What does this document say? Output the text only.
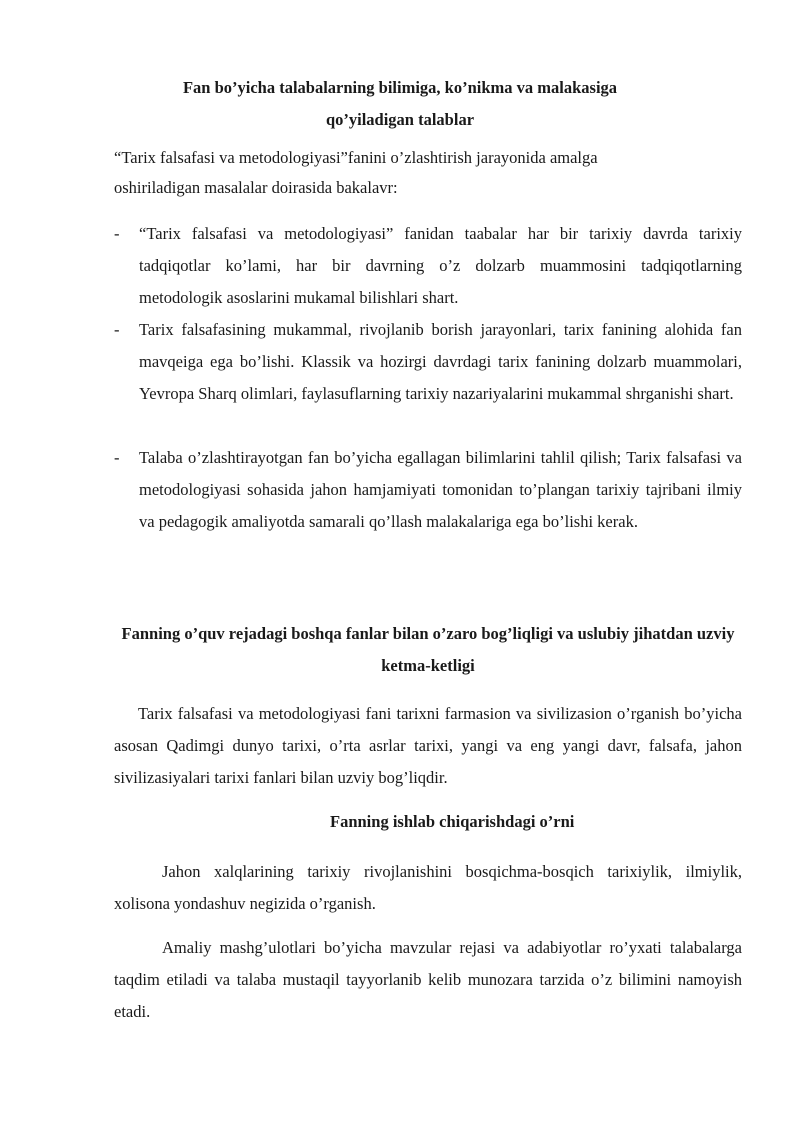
Fan bo’yicha talabalarning bilimiga, ko’nikma va malakasiga

qo’yiladigan talablar

“Tarix falsafasi va metodologiyasi”fanini o’zlashtirish jarayonida amalga oshiriladigan masalalar doirasida bakalavr:

- “Tarix falsafasi va metodologiyasi” fanidan taabalar har bir tarixiy davrda tarixiy tadqiqotlar ko’lami, har bir davrning o’z dolzarb muammosini tadqiqotlarning metodologik asoslarini mukamal bilishlari shart.
- Tarix falsafasining mukammal, rivojlanib borish jarayonlari, tarix fanining alohida fan mavqeiga ega bo’lishi. Klassik va hozirgi davrdagi tarix fanining dolzarb muammolari, Yevropa Sharq olimlari, faylasuflarning tarixiy nazariyalarini mukammal shrganishi shart.
- Talaba o’zlashtirayotgan fan bo’yicha egallagan bilimlarini tahlil qilish; Tarix falsafasi va metodologiyasi sohasida jahon hamjamiyati tomonidan to’plangan tarixiy tajribani ilmiy va pedagogik amaliyotda samarali qo’llash malakalariga ega bo’lishi kerak.

Fanning o’quv rejadagi boshqa fanlar bilan o’zaro bog’liqligi va uslubiy jihatdan uzviy ketma-ketligi

Tarix falsafasi va metodologiyasi fani tarixni farmasion va sivilizasion o’rganish bo’yicha asosan Qadimgi dunyo tarixi, o’rta asrlar tarixi, yangi va eng yangi davr, falsafa, jahon sivilizasiyalari tarixi fanlari bilan uzviy bog’liqdir.

Fanning ishlab chiqarishdagi o’rni

Jahon xalqlarining tarixiy rivojlanishini bosqichma-bosqich tarixiylik, ilmiylik, xolisona yondashuv negizida o’rganish.

Amaliy mashg’ulotlari bo’yicha mavzular rejasi va adabiyotlar ro’yxati talabalarga taqdim etiladi va talaba mustaqil tayyorlanib kelib munozara tarzida o’z bilimini namoyish etadi.
